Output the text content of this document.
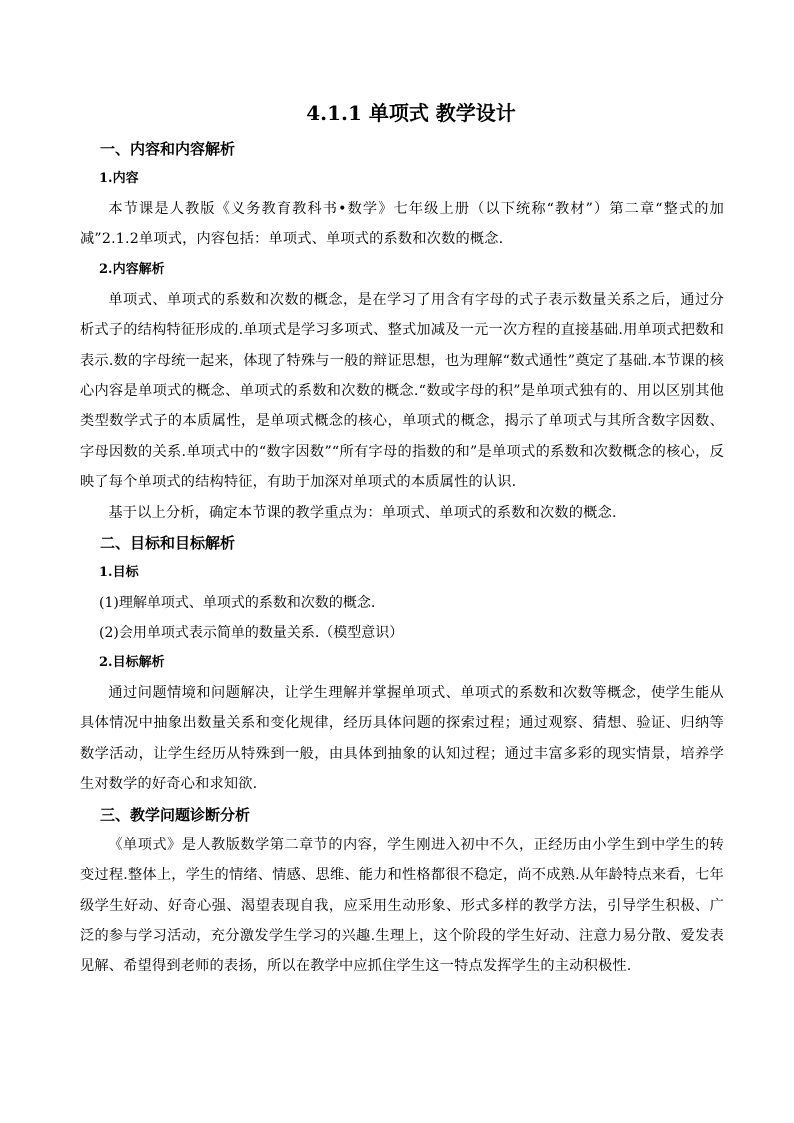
4.1.1 单项式 教学设计
一、内容和内容解析
1.内容

本节课是人教版《义务教育教科书•数学》七年级上册（以下统称“教材”）第二章“整式的加减”2.1.2单项式，内容包括：单项式、单项式的系数和次数的概念.

2.内容解析

单项式、单项式的系数和次数的概念，是在学习了用含有字母的式子表示数量关系之后，通过分析式子的结构特征形成的.单项式是学习多项式、整式加减及一元一次方程的直接基础.用单项式把数和表示.数的字母统一起来，体现了特殊与一般的辩证思想，也为理解“数式通性”奠定了基础.本节课的核心内容是单项式的概念、单项式的系数和次数的概念.“数或字母的积”是单项式独有的、用以区别其他类型数学式子的本质属性，是单项式概念的核心，单项式的概念，揭示了单项式与其所含数字因数、字母因数的关系.单项式中的“数字因数”“所有字母的指数的和”是单项式的系数和次数概念的核心，反映了每个单项式的结构特征，有助于加深对单项式的本质属性的认识.

基于以上分析，确定本节课的教学重点为：单项式、单项式的系数和次数的概念.

二、目标和目标解析
1.目标

(1)理解单项式、单项式的系数和次数的概念.

(2)会用单项式表示简单的数量关系.（模型意识）

2.目标解析

通过问题情境和问题解决，让学生理解并掌握单项式、单项式的系数和次数等概念，使学生能从具体情况中抽象出数量关系和变化规律，经历具体问题的探索过程；通过观察、猜想、验证、归纳等数学活动，让学生经历从特殊到一般，由具体到抽象的认知过程；通过丰富多彩的现实情景，培养学生对数学的好奇心和求知欲.

三、教学问题诊断分析

《单项式》是人教版数学第二章节的内容，学生刚进入初中不久，正经历由小学生到中学生的转变过程.整体上，学生的情绪、情感、思维、能力和性格都很不稳定，尚不成熟.从年龄特点来看，七年级学生好动、好奇心强、渴望表现自我，应采用生动形象、形式多样的教学方法，引导学生积极、广泛的参与学习活动，充分激发学生学习的兴趣.生理上，这个阶段的学生好动、注意力易分散、爱发表见解、希望得到老师的表扬，所以在教学中应抓住学生这一特点发挥学生的主动积极性.
